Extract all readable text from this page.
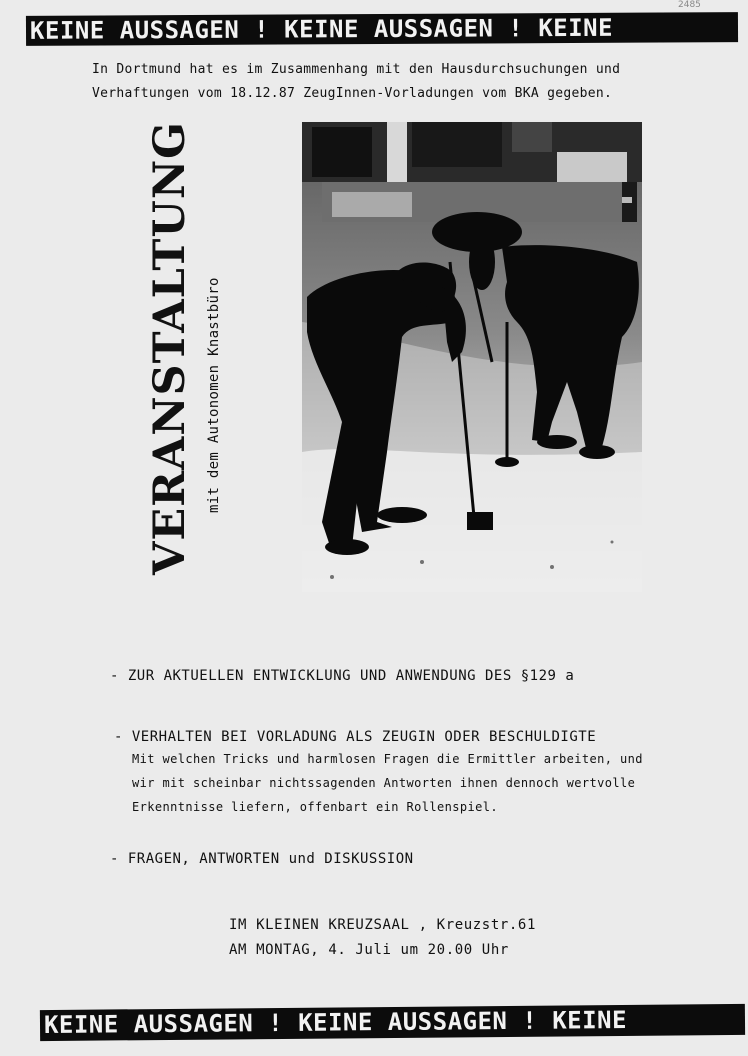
KEINE AUSSAGEN ! KEINE AUSSAGEN ! KEINE
2485
In Dortmund hat es im Zusammenhang mit den Hausdurchsuchungen und
Verhaftungen vom 18.12.87 ZeugInnen-Vorladungen vom BKA gegeben.
VERANSTALTUNG mit dem Autonomen Knastbüro
- ZUR AKTUELLEN ENTWICKLUNG UND ANWENDUNG DES §129 a
- VERHALTEN BEI VORLADUNG ALS ZEUGIN ODER BESCHULDIGTE
Mit welchen Tricks und harmlosen Fragen die Ermittler arbeiten, und
wir mit scheinbar nichtssagenden Antworten ihnen dennoch wertvolle
Erkenntnisse liefern, offenbart ein Rollenspiel.
- FRAGEN, ANTWORTEN und DISKUSSION
IM KLEINEN KREUZSAAL , Kreuzstr.61
AM MONTAG, 4. Juli um 20.00 Uhr
KEINE AUSSAGEN ! KEINE AUSSAGEN ! KEINE
